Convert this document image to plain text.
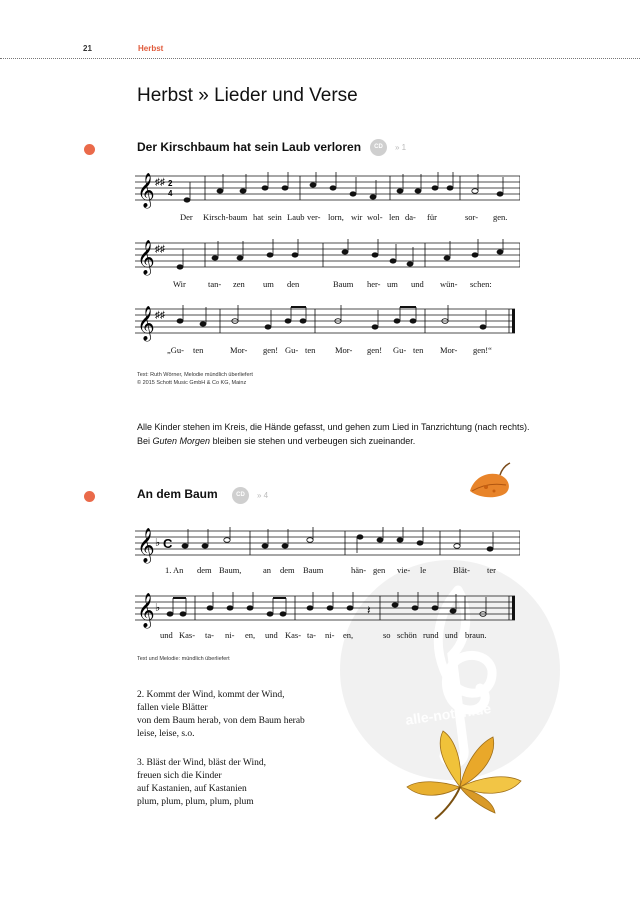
21	Herbst
Herbst » Lieder und Verse
alle-noten.de
Der Kirschbaum hat sein Laub verloren	CD	» 1
𝄞 ♯♯ 2
4
Der Kirsch-baum hat sein Laub ver- lorn, wir wol- len da- für	sor- gen.
𝄞 ♯♯
Wir	tan- zen um den	Baum her- um und wün- schen:
𝄞 ♯♯
„Gu- ten	Mor- gen! Gu- ten Mor- gen! Gu- ten Mor- gen!“
Text: Ruth Wörner, Melodie mündlich überliefert
© 2015 Schott Music GmbH & Co KG, Mainz
Alle Kinder stehen im Kreis, die Hände gefasst, und gehen zum Lied in Tanzrichtung (nach rechts). Bei Guten Morgen bleiben sie stehen und verbeugen sich zueinander.
An dem Baum	CD	» 4
𝄞 ♭ C
1. An dem Baum,	an dem Baum	hän- gen vie- le	Blät- ter
𝄞 ♭	𝄽
und Kas- ta- ni- en, und Kas- ta- ni- en,	so schön rund und braun.
Text und Melodie: mündlich überliefert
2. Kommt der Wind, kommt der Wind,
fallen viele Blätter
von dem Baum herab, von dem Baum herab
leise, leise, s.o.
3. Bläst der Wind, bläst der Wind,
freuen sich die Kinder
auf Kastanien, auf Kastanien
plum, plum, plum, plum, plum
